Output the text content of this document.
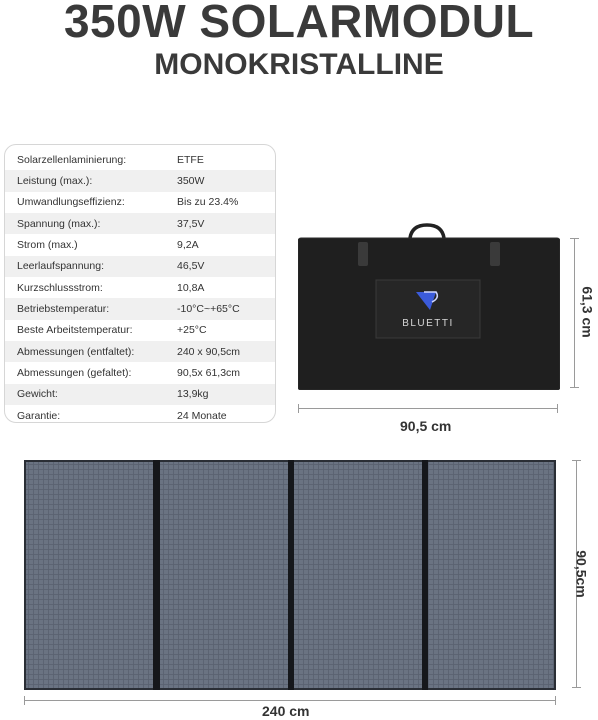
350W SOLARMODUL
MONOKRISTALLINE
Solarzellenlaminierung:	ETFE
Leistung (max.):	350W
Umwandlungseffizienz:	Bis zu 23.4%
Spannung (max.):	37,5V
Strom (max.)	9,2A
Leerlaufspannung:	46,5V
Kurzschlussstrom:	10,8A
Betriebstemperatur:	-10°C~+65°C
Beste Arbeitstemperatur:	+25°C
Abmessungen (entfaltet):	240 x 90,5cm
Abmessungen (gefaltet):	90,5x 61,3cm
Gewicht:	13,9kg
Garantie:	24 Monate
BLUETTI
90,5 cm
61,3 cm
90,5cm
240 cm
